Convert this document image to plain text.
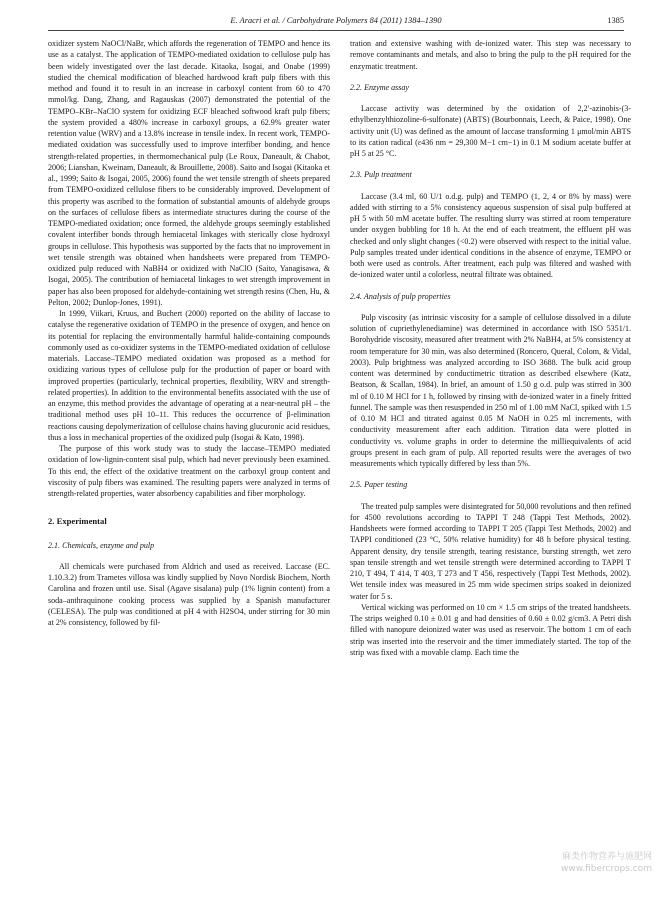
E. Aracri et al. / Carbohydrate Polymers 84 (2011) 1384–1390	1385

oxidizer system NaOCl/NaBr, which affords the regeneration of TEMPO and hence its use as a catalyst. The application of TEMPO-mediated oxidation to cellulose pulp has been widely investigated over the last decade. Kitaoka, Isogai, and Onabe (1999) studied the chemical modification of bleached hardwood kraft pulp fibers with this method and found it to result in an increase in carboxyl content from 60 to 470 mmol/kg. Dang, Zhang, and Ragauskas (2007) demonstrated the potential of the TEMPO–KBr–NaClO system for oxidizing ECF bleached softwood kraft pulp fibers; the system provided a 480% increase in carboxyl groups, a 62.9% greater water retention value (WRV) and a 13.8% increase in tensile index. In recent work, TEMPO-mediated oxidation was successfully used to improve interfiber bonding, and hence strength-related properties, in thermomechanical pulp (Le Roux, Daneault, & Chabot, 2006; Lianshan, Kweinam, Daneault, & Brouillette, 2008). Saito and Isogai (Kitaoka et al., 1999; Saito & Isogai, 2005, 2006) found the wet tensile strength of sheets prepared from TEMPO-oxidized cellulose fibers to be considerably improved. Development of this property was ascribed to the formation of substantial amounts of aldehyde groups on the surfaces of cellulose fibers as intermediate structures during the course of the TEMPO-mediated oxidation; once formed, the aldehyde groups seemingly established covalent interfiber bonds through hemiacetal linkages with sterically close hydroxyl groups in cellulose. This hypothesis was supported by the facts that no improvement in wet tensile strength was obtained when handsheets were prepared from TEMPO-oxidized pulp reduced with NaBH4 or oxidized with NaClO (Saito, Yanagisawa, & Isogai, 2005). The contribution of hemiacetal linkages to wet strength improvement in paper has also been proposed for aldehyde-containing wet strength resins (Chen, Hu, & Pelton, 2002; Dunlop-Jones, 1991).

In 1999, Viikari, Kruus, and Buchert (2000) reported on the ability of laccase to catalyse the regenerative oxidation of TEMPO in the presence of oxygen, and hence on its potential for replacing the environmentally harmful halide-containing compounds commonly used as co-oxidizer systems in the TEMPO-mediated oxidation of cellulose materials. Laccase–TEMPO mediated oxidation was proposed as a method for oxidizing various types of cellulose pulp for the production of paper or board with improved properties (particularly, technical properties, flexibility, WRV and strength-related properties). In addition to the environmental benefits associated with the use of an enzyme, this method provides the advantage of operating at a near-neutral pH – the traditional method uses pH 10–11. This reduces the occurrence of β-elimination reactions causing depolymerization of cellulose chains having glucuronic acid residues, thus a loss in mechanical properties of the oxidized pulp (Isogai & Kato, 1998).

The purpose of this work study was to study the laccase–TEMPO mediated oxidation of low-lignin-content sisal pulp, which had never previously been examined. To this end, the effect of the oxidative treatment on the carboxyl group content and viscosity of pulp fibers was examined. The resulting papers were analyzed in terms of strength-related properties, water absorbency capabilities and fiber morphology.

2. Experimental
2.1. Chemicals, enzyme and pulp

All chemicals were purchased from Aldrich and used as received. Laccase (EC. 1.10.3.2) from Trametes villosa was kindly supplied by Novo Nordisk Biochem, North Carolina and frozen until use. Sisal (Agave sisalana) pulp (1% lignin content) from a soda–anthraquinone cooking process was supplied by a Spanish manufacturer (CELESA). The pulp was conditioned at pH 4 with H2SO4, under stirring for 30 min at 2% consistency, followed by fil-

tration and extensive washing with de-ionized water. This step was necessary to remove contaminants and metals, and also to bring the pulp to the pH required for the enzymatic treatment.

2.2. Enzyme assay

Laccase activity was determined by the oxidation of 2,2′-azinobis-(3-ethylbenzylthiozoline-6-sulfonate) (ABTS) (Bourbonnais, Leech, & Paice, 1998). One activity unit (U) was defined as the amount of laccase transforming 1 μmol/min ABTS to its cation radical (ε436 nm = 29,300 M−1 cm−1) in 0.1 M sodium acetate buffer at pH 5 at 25 °C.

2.3. Pulp treatment

Laccase (3.4 ml, 60 U/1 o.d.g. pulp) and TEMPO (1, 2, 4 or 8% by mass) were added with stirring to a 5% consistency aqueous suspension of sisal pulp buffered at pH 5 with 50 mM acetate buffer. The resulting slurry was stirred at room temperature under oxygen bubbling for 18 h. At the end of each treatment, the effluent pH was checked and only slight changes (<0.2) were observed with respect to the initial value. Pulp samples treated under identical conditions in the absence of enzyme, TEMPO or both were used as controls. After treatment, each pulp was filtered and washed with de-ionized water until a colorless, neutral filtrate was obtained.

2.4. Analysis of pulp properties

Pulp viscosity (as intrinsic viscosity for a sample of cellulose dissolved in a dilute solution of cupriethylenediamine) was determined in accordance with ISO 5351/1. Borohydride viscosity, measured after treatment with 2% NaBH4, at 5% consistency at room temperature for 30 min, was also determined (Roncero, Queral, Colom, & Vidal, 2003). Pulp brightness was analyzed according to ISO 3688. The bulk acid group content was determined by conductimetric titration as described elsewhere (Katz, Beatson, & Scallan, 1984). In brief, an amount of 1.50 g o.d. pulp was stirred in 300 ml of 0.10 M HCl for 1 h, followed by rinsing with de-ionized water in a finely fritted funnel. The sample was then resuspended in 250 ml of 1.00 mM NaCl, spiked with 1.5 of 0.10 M HCl and titrated against 0.05 M NaOH in 0.25 ml increments, with conductivity measurement after each addition. Titration data were plotted in conductivity vs. volume graphs in order to determine the milliequivalents of acid groups present in each gram of pulp. All reported results were the averages of two measurements which typically differed by less than 5%.

2.5. Paper testing

The treated pulp samples were disintegrated for 50,000 revolutions and then refined for 4500 revolutions according to TAPPI T 248 (Tappi Test Methods, 2002). Handsheets were formed according to TAPPI T 205 (Tappi Test Methods, 2002) and TAPPI conditioned (23 °C, 50% relative humidity) for 48 h before physical testing. Apparent density, dry tensile strength, tearing resistance, bursting strength, wet zero span tensile strength and wet tensile strength were determined according to TAPPI T 210, T 494, T 414, T 403, T 273 and T 456, respectively (Tappi Test Methods, 2002). Wet tensile index was measured in 25 mm wide specimen strips soaked in deionized water for 5 s.

Vertical wicking was performed on 10 cm × 1.5 cm strips of the treated handsheets. The strips weighed 0.10 ± 0.01 g and had densities of 0.60 ± 0.02 g/cm3. A Petri dish filled with nanopure deionized water was used as reservoir. The bottom 1 cm of each strip was inserted into the reservoir and the timer immediately started. The top of the strip was fixed with a movable clamp. Each time the

麻类作物营养与施肥网
www.fibercrops.com
